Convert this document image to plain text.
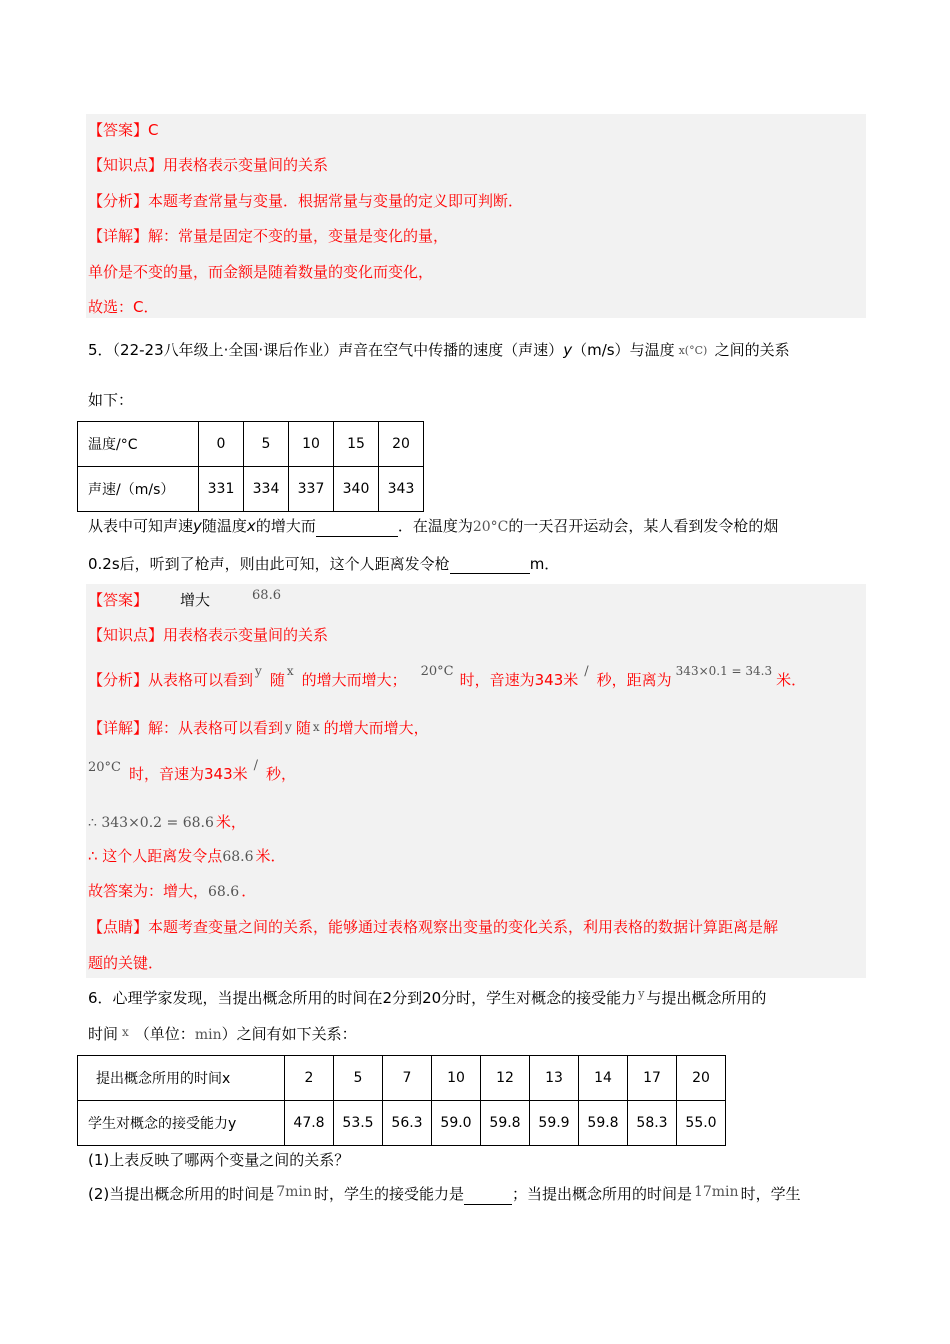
【答案】C
【知识点】用表格表示变量间的关系
【分析】本题考查常量与变量．根据常量与变量的定义即可判断．
【详解】解：常量是固定不变的量，变量是变化的量，
单价是不变的量，而金额是随着数量的变化而变化，
故选：C．
5．（22-23八年级上·全国·课后作业）声音在空气中传播的速度（声速）y（m/s）与温度 x(°C) 之间的关系
如下：
温度/°C	0	5	10	15	20
声速/（m/s）	331	334	337	340	343
从表中可知声速y随温度x的增大而	．在温度为20°C的一天召开运动会，某人看到发令枪的烟
0.2s后，听到了枪声，则由此可知，这个人距离发令枪	m．
【答案】 增大	68.6
【知识点】用表格表示变量间的关系
【分析】从表格可以看到 $^y$ 随 $^x$ 的增大而增大； 20°C 时，音速为343米 / 秒，距离为 $^{343\times 0.1 = 34.3}$ 米．
【详解】解：从表格可以看到 y 随 x 的增大而增大，
20°C 时，音速为343米 / 秒，
∴ 343×0.2 = 68.6 米，
∴ 这个人距离发令点68.6 米．
故答案为：增大，68.6 ．
【点睛】本题考查变量之间的关系，能够通过表格观察出变量的变化关系，利用表格的数据计算距离是解
题的关键．
6．心理学家发现，当提出概念所用的时间在2分到20分时，学生对概念的接受能力 $^y$ 与提出概念所用的
时间 $^x$ （单位：min）之间有如下关系：
提出概念所用的时间x	2	5	7	10	12	13	14	17	20
学生对概念的接受能力y	47.8	53.5	56.3	59.0	59.8	59.9	59.8	58.3	55.0
(1)上表反映了哪两个变量之间的关系？
(2)当提出概念所用的时间是 7min 时，学生的接受能力是	；当提出概念所用的时间是 17min 时，学生
